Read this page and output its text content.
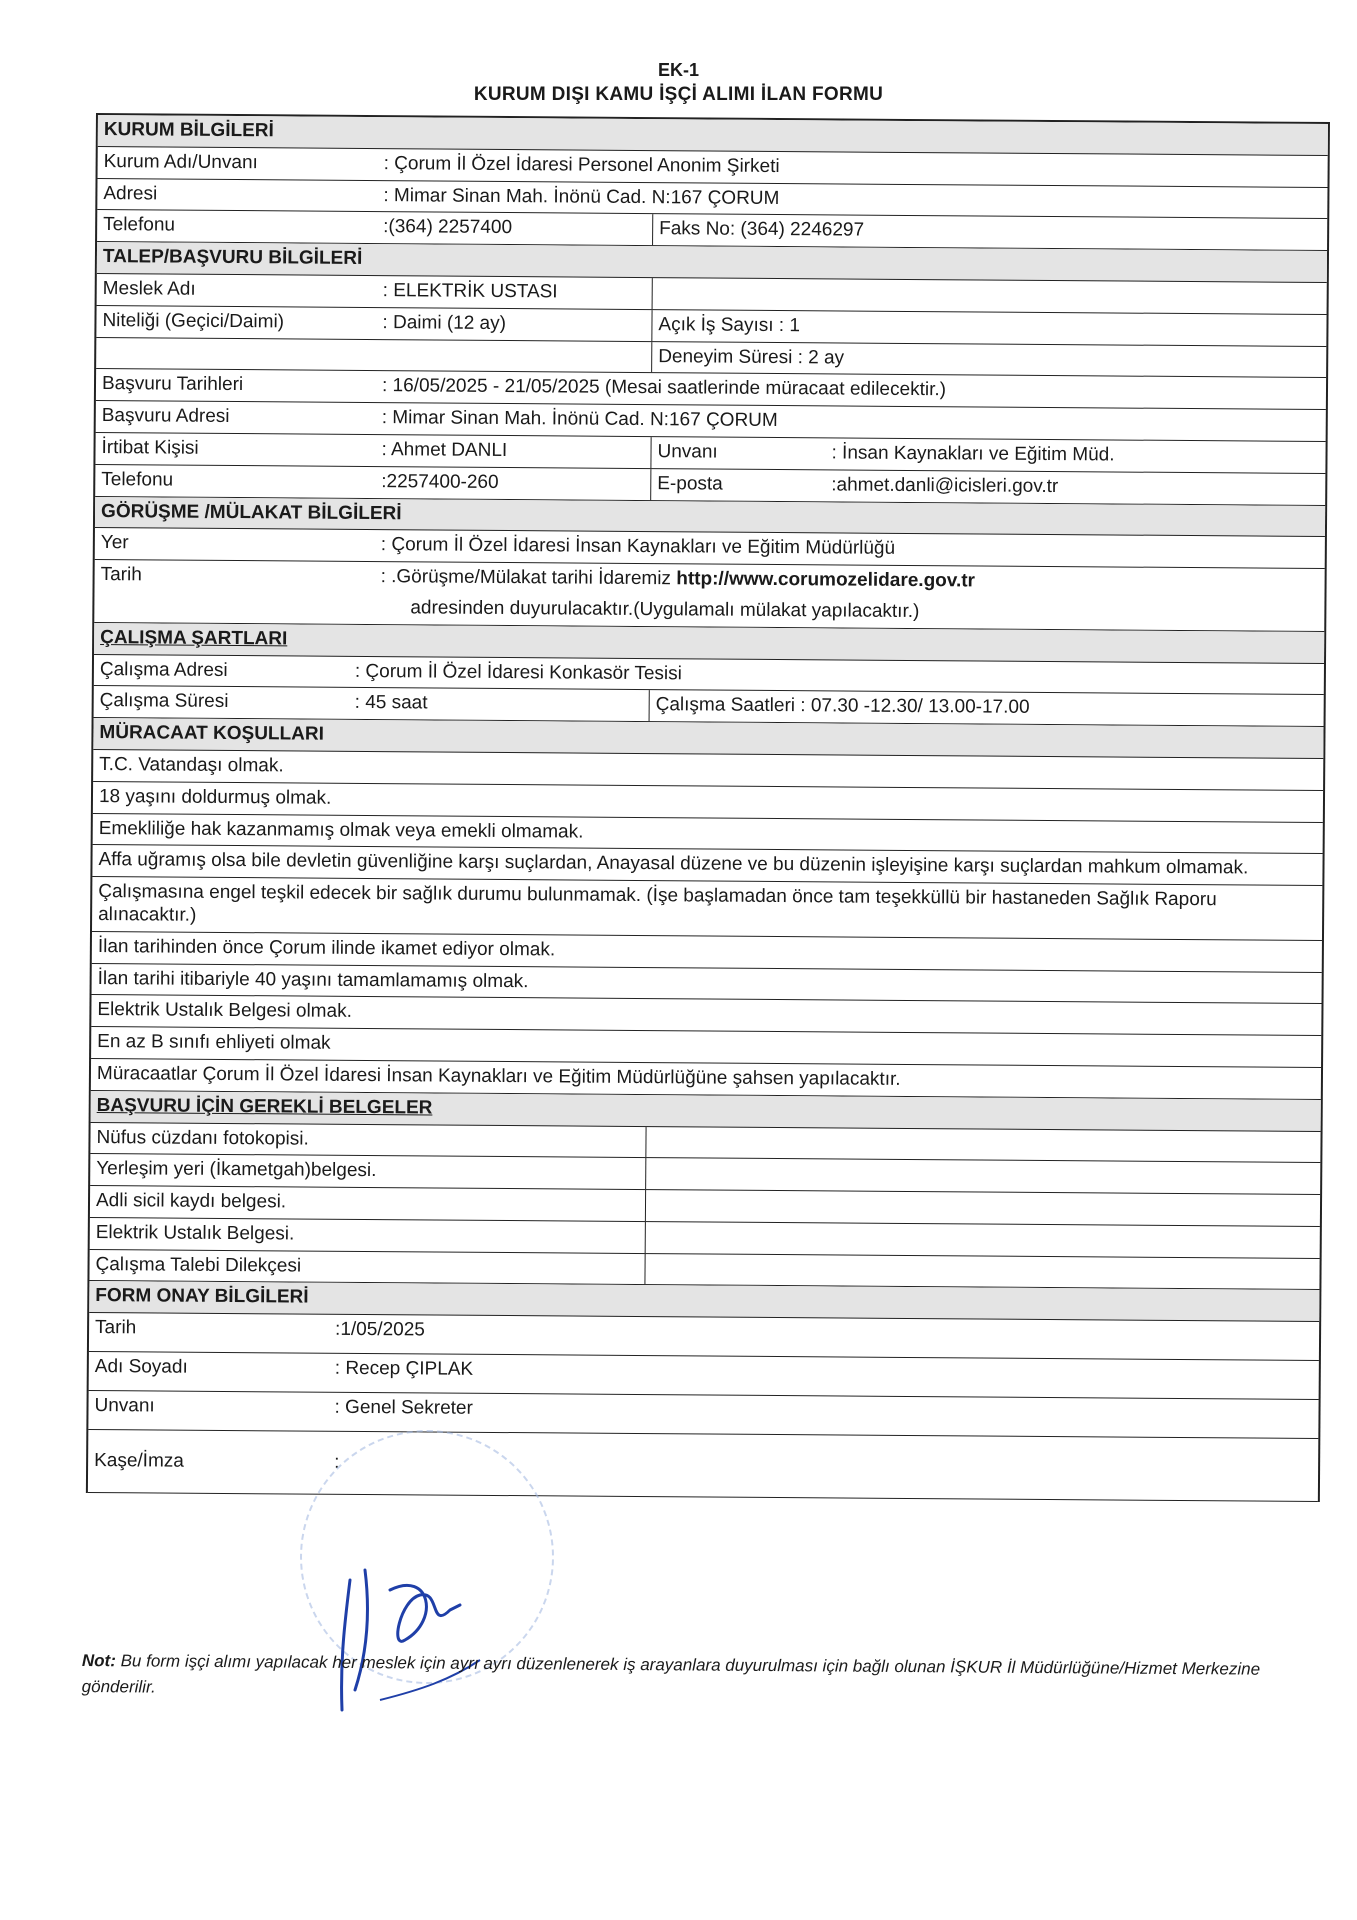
EK-1
KURUM DIŞI KAMU İŞÇİ ALIMI İLAN FORMU
KURUM BİLGİLERİ
Kurum Adı/Unvanı	: Çorum İl Özel İdaresi Personel Anonim Şirketi
Adresi	: Mimar Sinan Mah. İnönü Cad. N:167 ÇORUM
Telefonu	:(364) 2257400	Faks No: (364) 2246297
TALEP/BAŞVURU BİLGİLERİ
Meslek Adı	: ELEKTRİK USTASI
Niteliği (Geçici/Daimi)	: Daimi (12 ay)	Açık İş Sayısı : 1

Deneyim Süresi : 2 ay
Başvuru Tarihleri	: 16/05/2025 - 21/05/2025 (Mesai saatlerinde müracaat edilecektir.)
Başvuru Adresi	: Mimar Sinan Mah. İnönü Cad. N:167 ÇORUM
İrtibat Kişisi	: Ahmet DANLI	Unvanı	: İnsan Kaynakları ve Eğitim Müd.
Telefonu	:2257400-260	E-posta	:ahmet.danli@icisleri.gov.tr
GÖRÜŞME /MÜLAKAT BİLGİLERİ
Yer	: Çorum İl Özel İdaresi İnsan Kaynakları ve Eğitim Müdürlüğü
Tarih	: .Görüşme/Mülakat tarihi İdaremiz http://www.corumozelidare.gov.tr
adresinden duyurulacaktır.(Uygulamalı mülakat yapılacaktır.)
ÇALIŞMA ŞARTLARI
Çalışma Adresi	: Çorum İl Özel İdaresi Konkasör Tesisi
Çalışma Süresi	: 45 saat	Çalışma Saatleri : 07.30 -12.30/ 13.00-17.00
MÜRACAAT KOŞULLARI
T.C. Vatandaşı olmak.
18 yaşını doldurmuş olmak.
Emekliliğe hak kazanmamış olmak veya emekli olmamak.
Affa uğramış olsa bile devletin güvenliğine karşı suçlardan, Anayasal düzene ve bu düzenin işleyişine karşı suçlardan mahkum olmamak.
Çalışmasına engel teşkil edecek bir sağlık durumu bulunmamak. (İşe başlamadan önce tam teşekküllü bir hastaneden Sağlık Raporu alınacaktır.)
İlan tarihinden önce Çorum ilinde ikamet ediyor olmak.
İlan tarihi itibariyle 40 yaşını tamamlamamış olmak.
Elektrik Ustalık Belgesi olmak.
En az B sınıfı ehliyeti olmak
Müracaatlar Çorum İl Özel İdaresi İnsan Kaynakları ve Eğitim Müdürlüğüne şahsen yapılacaktır.
BAŞVURU İÇİN GEREKLİ BELGELER
Nüfus cüzdanı fotokopisi.
Yerleşim yeri (İkametgah)belgesi.
Adli sicil kaydı belgesi.
Elektrik Ustalık Belgesi.
Çalışma Talebi Dilekçesi
FORM ONAY BİLGİLERİ
Tarih	:1/05/2025
Adı Soyadı	: Recep ÇIPLAK
Unvanı	: Genel Sekreter
Kaşe/İmza	:
Not: Bu form işçi alımı yapılacak her meslek için ayrı ayrı düzenlenerek iş arayanlara duyurulması için bağlı olunan İŞKUR İl Müdürlüğüne/Hizmet Merkezine gönderilir.
